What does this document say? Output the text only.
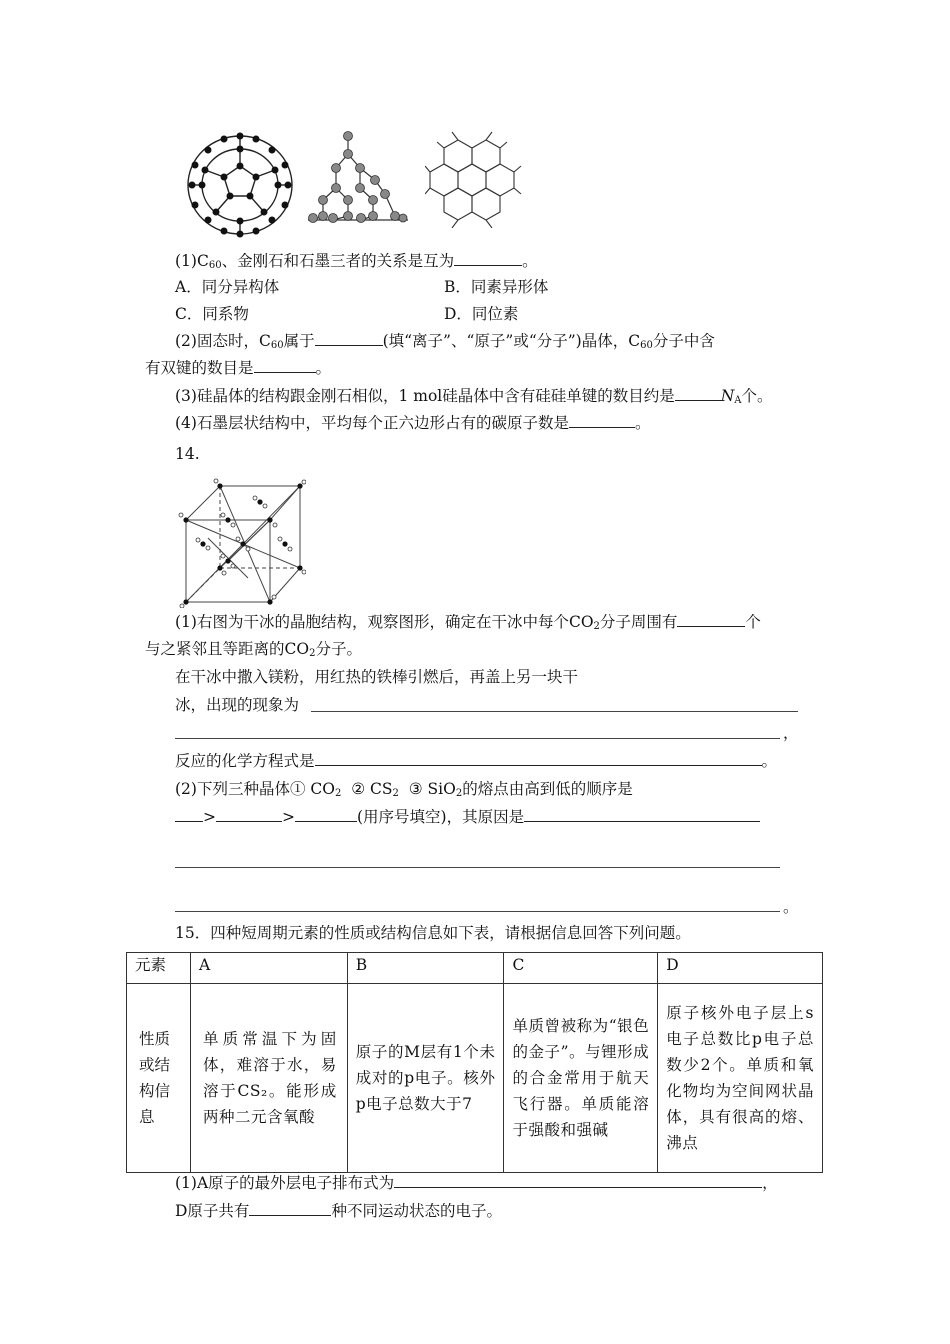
$(1)C_{60}$、金刚石和石墨三者的关系是互为	。
A．同分异构体	B．同素异形体
C．同系物	D．同位素
(2)固态时，$C_{60}$属于	(填“离子”、“原子”或“分子”)晶体，$C_{60}$分子中含
有双键的数目是	。
(3)硅晶体的结构跟金刚石相似，1 mol硅晶体中含有硅硅单键的数目约是	$N_A$个。
(4)石墨层状结构中，平均每个正六边形占有的碳原子数是	。
14.
(1)右图为干冰的晶胞结构，观察图形，确定在干冰中每个$CO_2$分子周围有	个
与之紧邻且等距离的$CO_2$分子。
在干冰中撒入镁粉，用红热的铁棒引燃后，再盖上另一块干
冰，出现的现象为
，
反应的化学方程式是	。
(2)下列三种晶体① $CO_2$ ② $CS_2$ ③ SiO$_2$的熔点由高到低的顺序是
>	>	(用序号填空)，其原因是
。
15．四种短周期元素的性质或结构信息如下表，请根据信息回答下列问题。
元素	A	B	C	D
性质或结构信息	单质常温下为固体，难溶于水，易溶于CS₂。能形成两种二元含氧酸	原子的M层有1个未成对的p电子。核外p电子总数大于7	单质曾被称为“银色的金子”。与锂形成的合金常用于航天飞行器。单质能溶于强酸和强碱	原子核外电子层上s电子总数比p电子总数少2个。单质和氧化物均为空间网状晶体，具有很高的熔、沸点
(1)A原子的最外层电子排布式为	，
D原子共有	种不同运动状态的电子。
